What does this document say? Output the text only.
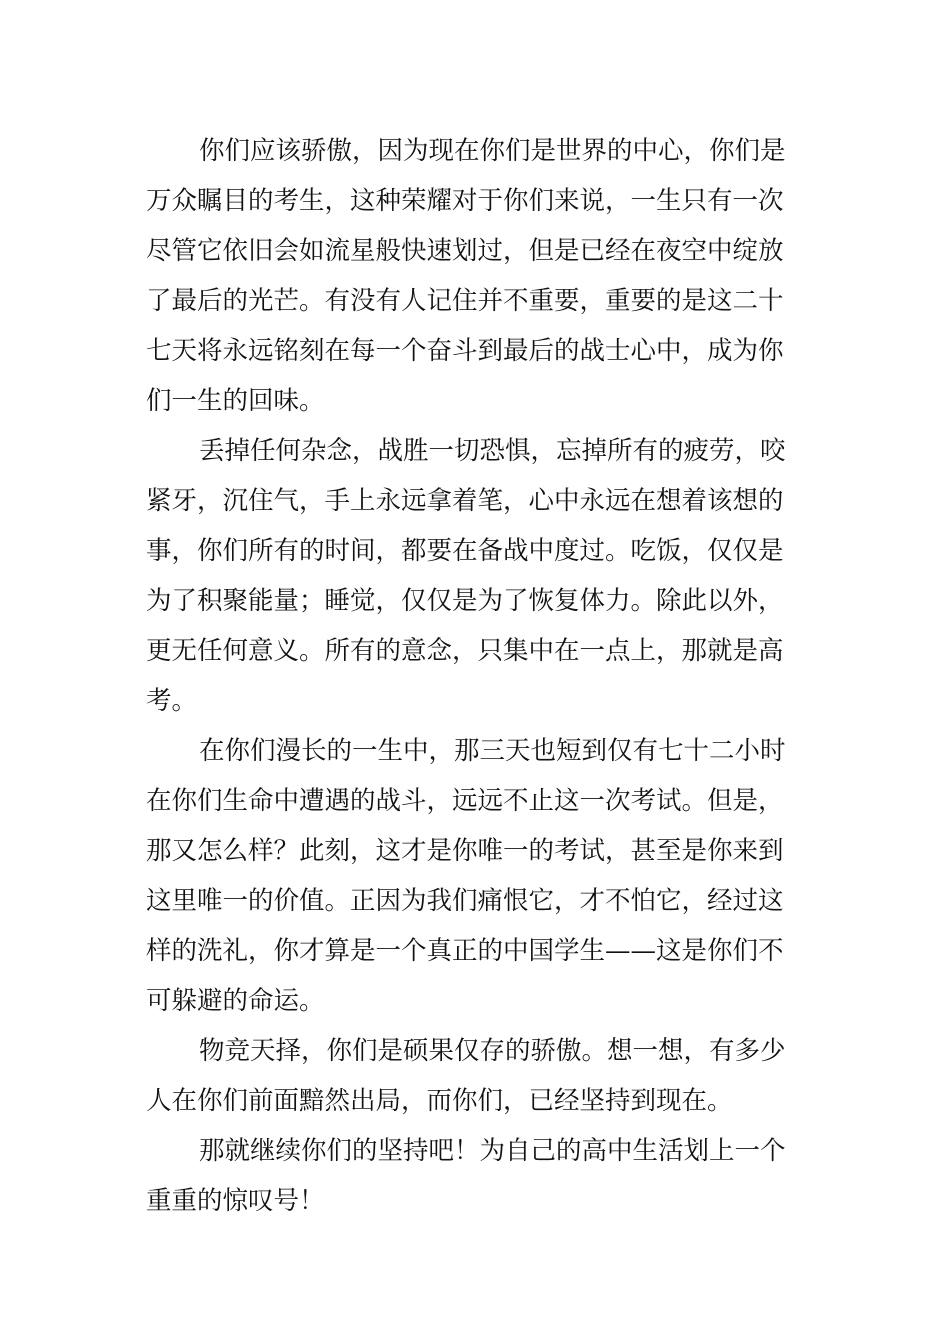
你们应该骄傲，因为现在你们是世界的中心，你们是
万众瞩目的考生，这种荣耀对于你们来说，一生只有一次
尽管它依旧会如流星般快速划过，但是已经在夜空中绽放
了最后的光芒。有没有人记住并不重要，重要的是这二十
七天将永远铭刻在每一个奋斗到最后的战士心中，成为你
们一生的回味。

丢掉任何杂念，战胜一切恐惧，忘掉所有的疲劳，咬
紧牙，沉住气，手上永远拿着笔，心中永远在想着该想的
事，你们所有的时间，都要在备战中度过。吃饭，仅仅是
为了积聚能量；睡觉，仅仅是为了恢复体力。除此以外，
更无任何意义。所有的意念，只集中在一点上，那就是高
考。

在你们漫长的一生中，那三天也短到仅有七十二小时
在你们生命中遭遇的战斗，远远不止这一次考试。但是，
那又怎么样？此刻，这才是你唯一的考试，甚至是你来到
这里唯一的价值。正因为我们痛恨它，才不怕它，经过这
样的洗礼，你才算是一个真正的中国学生——这是你们不
可躲避的命运。

物竞天择，你们是硕果仅存的骄傲。想一想，有多少
人在你们前面黯然出局，而你们，已经坚持到现在。

那就继续你们的坚持吧！为自己的高中生活划上一个
重重的惊叹号！
